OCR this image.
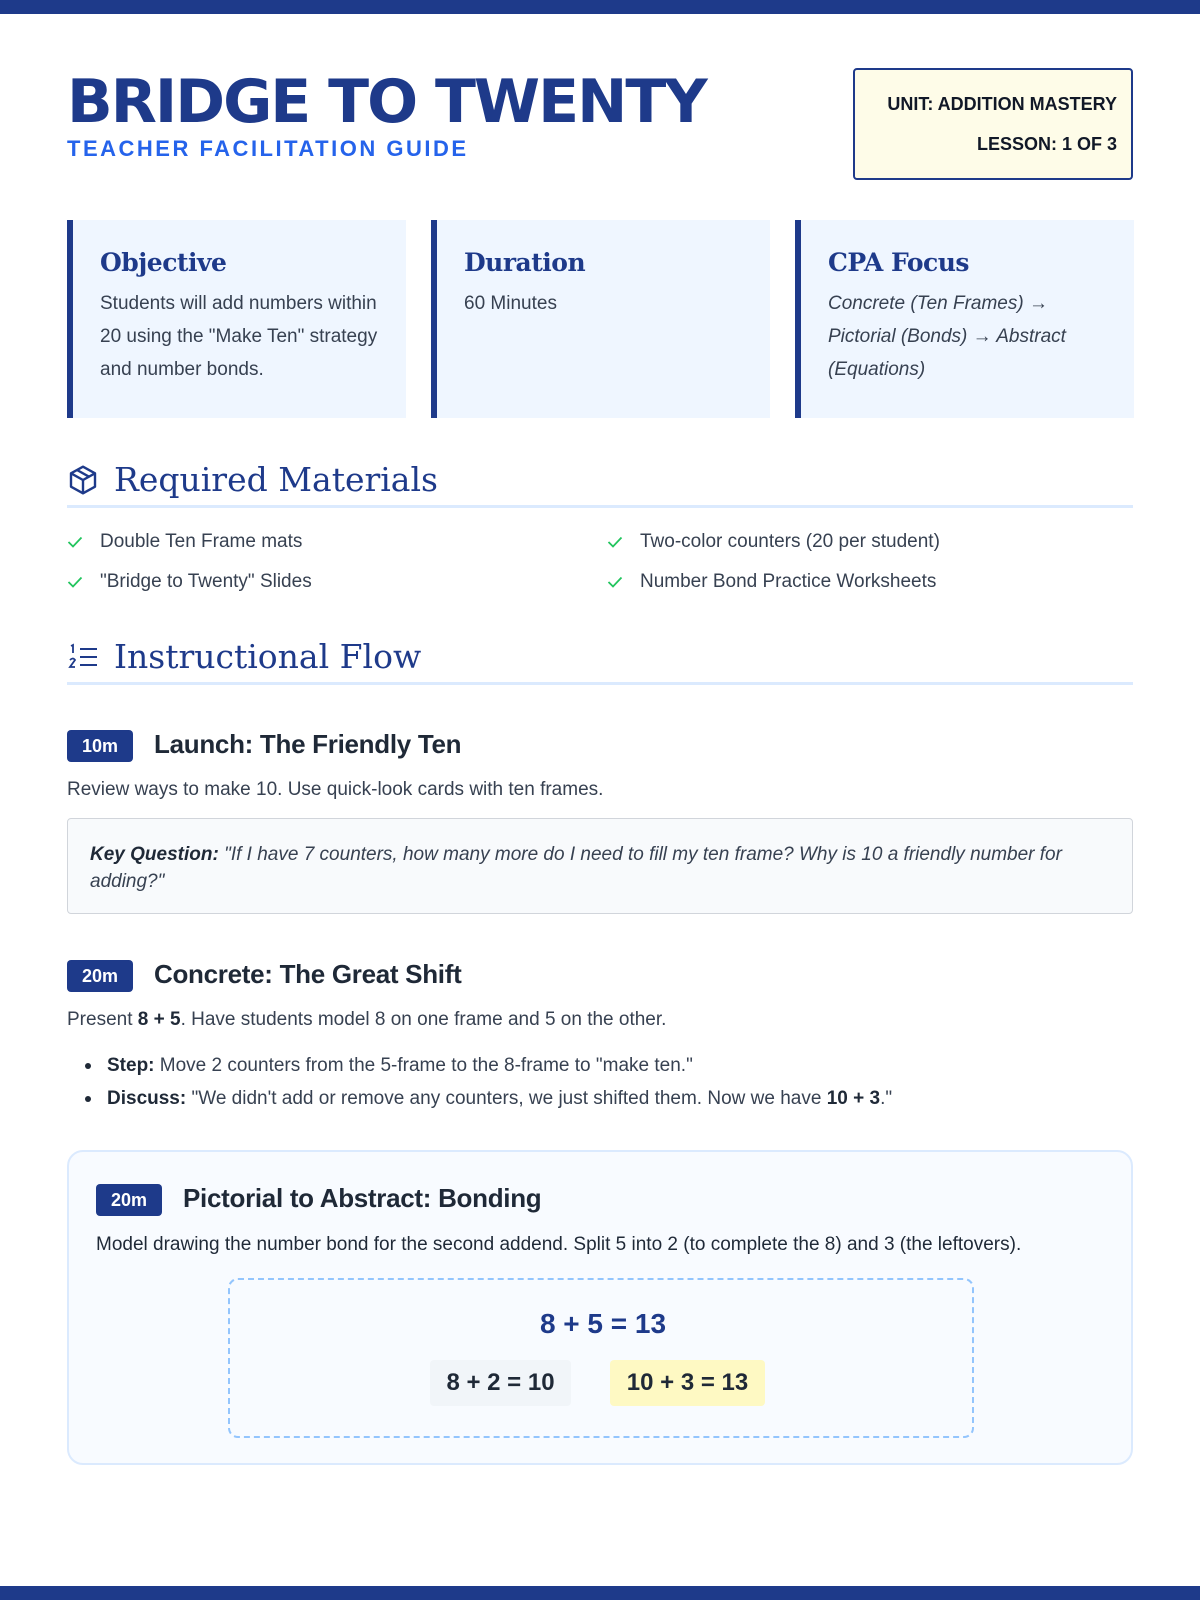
BRIDGE TO TWENTY
TEACHER FACILITATION GUIDE
UNIT: ADDITION MASTERY
LESSON: 1 OF 3
Objective

Students will add numbers within 20 using the "Make Ten" strategy and number bonds.

Duration

60 Minutes

CPA Focus

Concrete (Ten Frames) → Pictorial (Bonds) → Abstract (Equations)

Required Materials
Double Ten Frame mats	Two-color counters (20 per student)
"Bridge to Twenty" Slides	Number Bond Practice Worksheets
Instructional Flow
10m	Launch: The Friendly Ten
Review ways to make 10. Use quick-look cards with ten frames.
Key Question: "If I have 7 counters, how many more do I need to fill my ten frame? Why is 10 a friendly number for adding?"
20m	Concrete: The Great Shift
Present 8 + 5. Have students model 8 on one frame and 5 on the other.
Step: Move 2 counters from the 5-frame to the 8-frame to "make ten."
Discuss: "We didn't add or remove any counters, we just shifted them. Now we have 10 + 3."
20m	Pictorial to Abstract: Bonding
Model drawing the number bond for the second addend. Split 5 into 2 (to complete the 8) and 3 (the leftovers).
8 + 5 = 13
8 + 2 = 10	10 + 3 = 13
